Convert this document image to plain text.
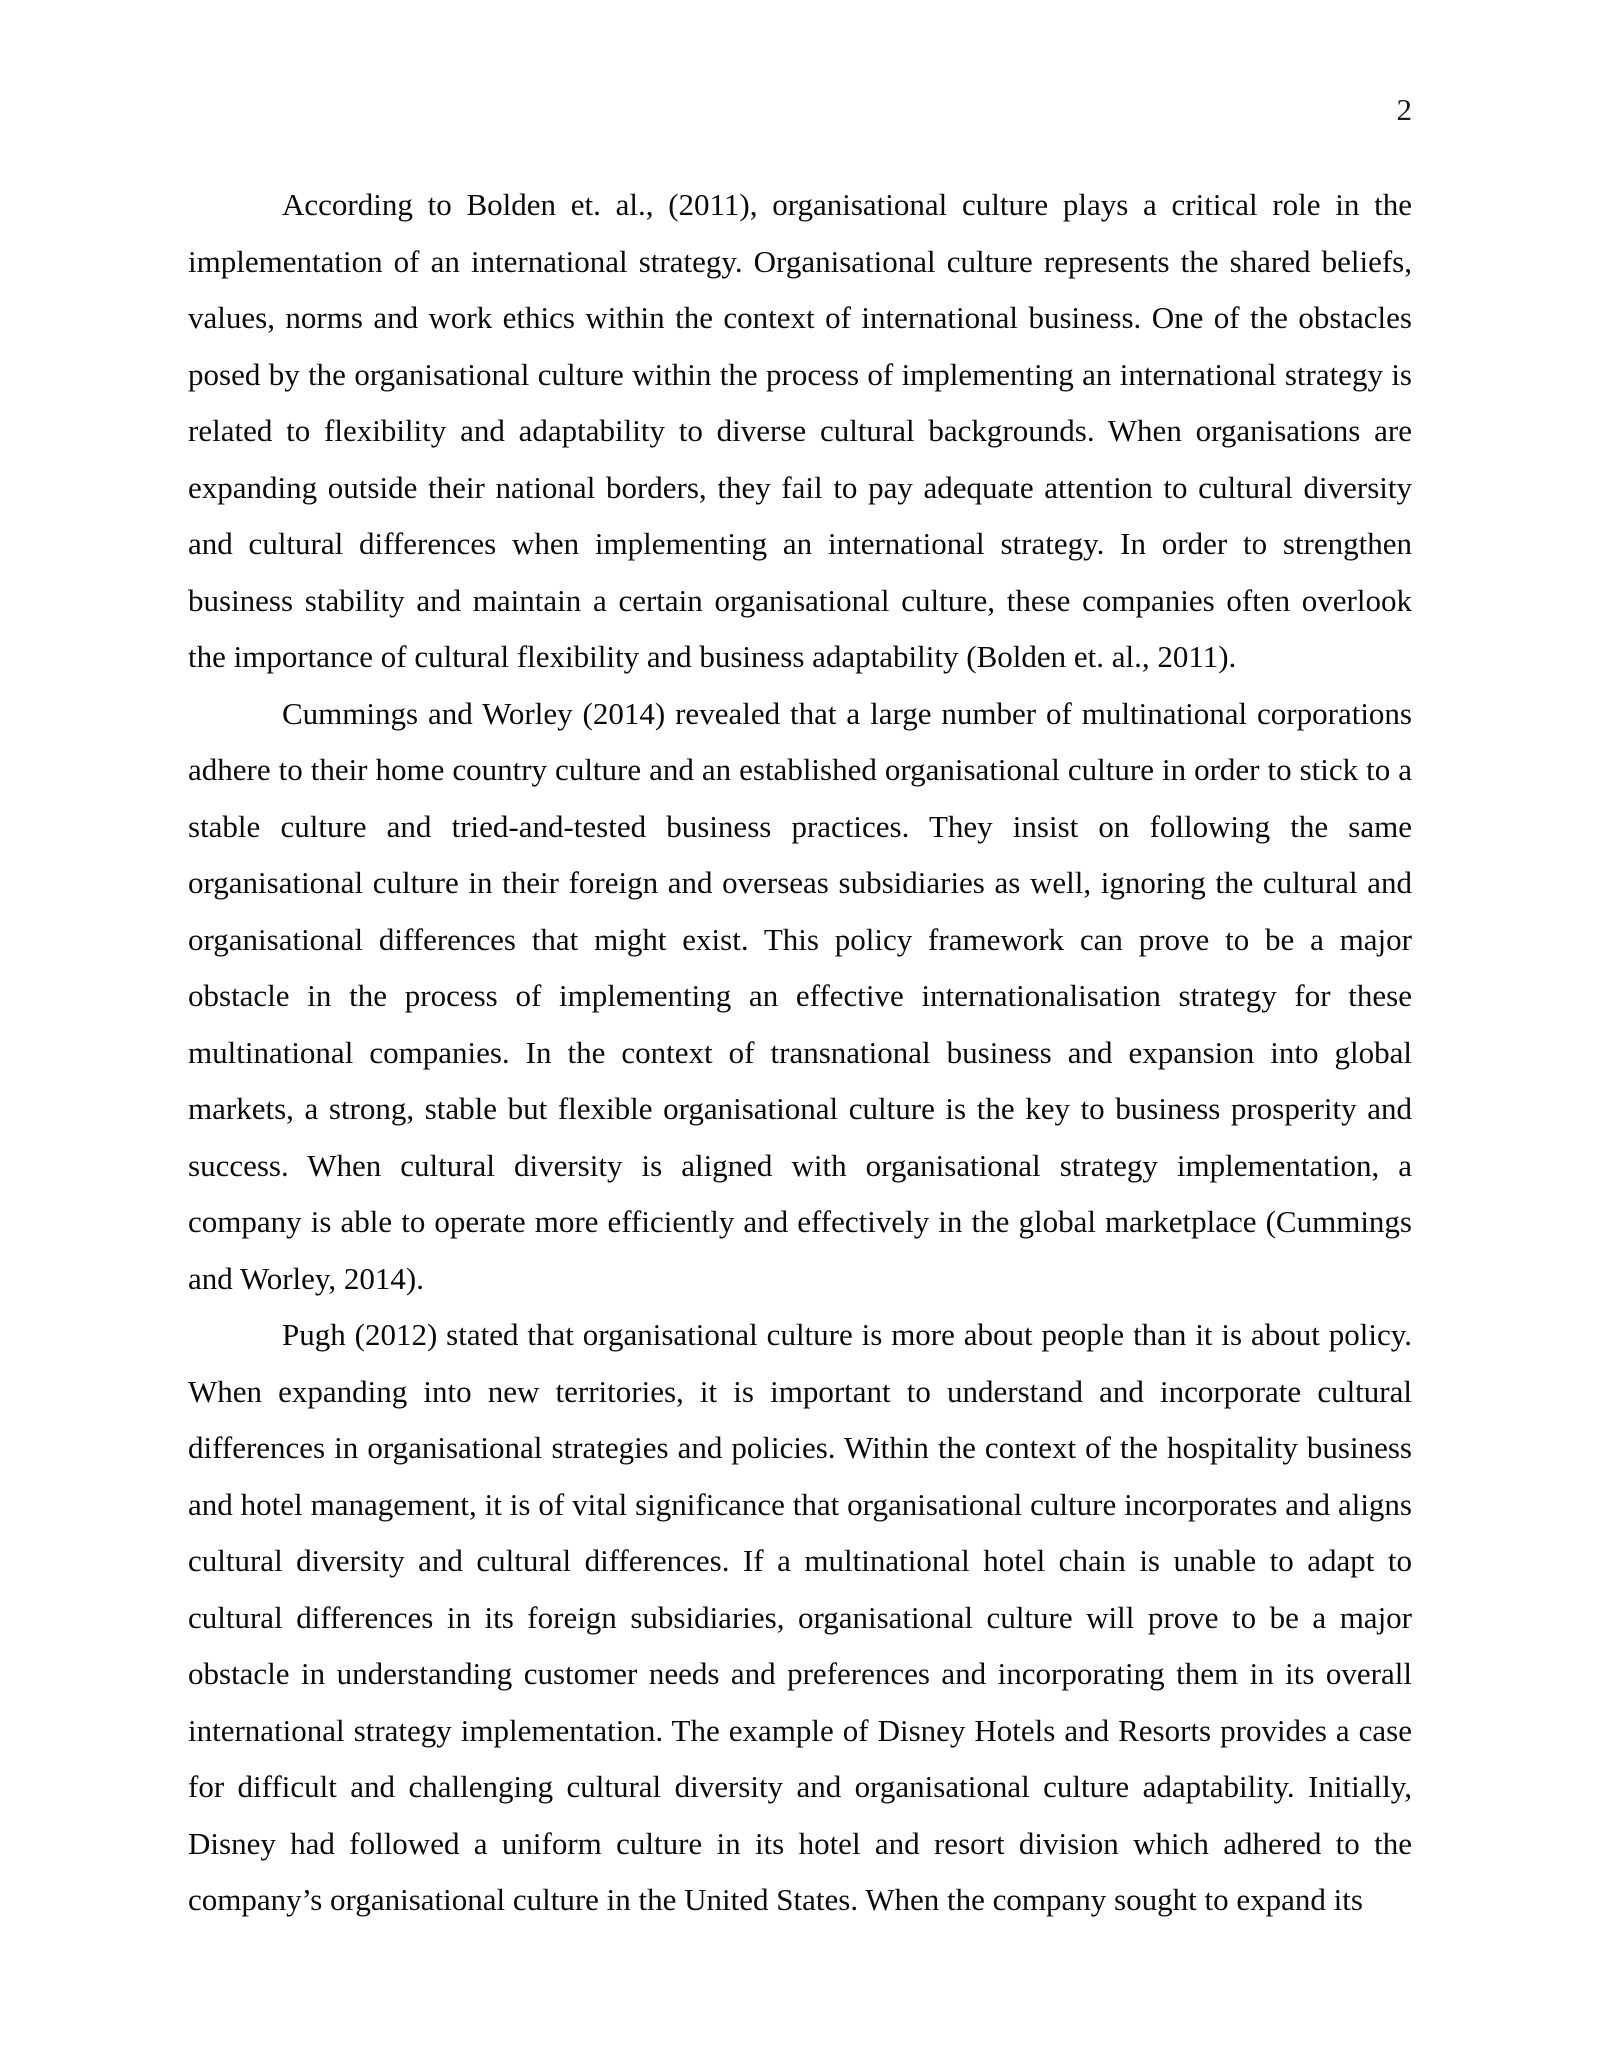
2

According to Bolden et. al., (2011), organisational culture plays a critical role in the implementation of an international strategy. Organisational culture represents the shared beliefs, values, norms and work ethics within the context of international business. One of the obstacles posed by the organisational culture within the process of implementing an international strategy is related to flexibility and adaptability to diverse cultural backgrounds. When organisations are expanding outside their national borders, they fail to pay adequate attention to cultural diversity and cultural differences when implementing an international strategy. In order to strengthen business stability and maintain a certain organisational culture, these companies often overlook the importance of cultural flexibility and business adaptability (Bolden et. al., 2011).

Cummings and Worley (2014) revealed that a large number of multinational corporations adhere to their home country culture and an established organisational culture in order to stick to a stable culture and tried-and-tested business practices. They insist on following the same organisational culture in their foreign and overseas subsidiaries as well, ignoring the cultural and organisational differences that might exist. This policy framework can prove to be a major obstacle in the process of implementing an effective internationalisation strategy for these multinational companies. In the context of transnational business and expansion into global markets, a strong, stable but flexible organisational culture is the key to business prosperity and success. When cultural diversity is aligned with organisational strategy implementation, a company is able to operate more efficiently and effectively in the global marketplace (Cummings and Worley, 2014).

Pugh (2012) stated that organisational culture is more about people than it is about policy. When expanding into new territories, it is important to understand and incorporate cultural differences in organisational strategies and policies. Within the context of the hospitality business and hotel management, it is of vital significance that organisational culture incorporates and aligns cultural diversity and cultural differences. If a multinational hotel chain is unable to adapt to cultural differences in its foreign subsidiaries, organisational culture will prove to be a major obstacle in understanding customer needs and preferences and incorporating them in its overall international strategy implementation. The example of Disney Hotels and Resorts provides a case for difficult and challenging cultural diversity and organisational culture adaptability. Initially, Disney had followed a uniform culture in its hotel and resort division which adhered to the company’s organisational culture in the United States. When the company sought to expand its
